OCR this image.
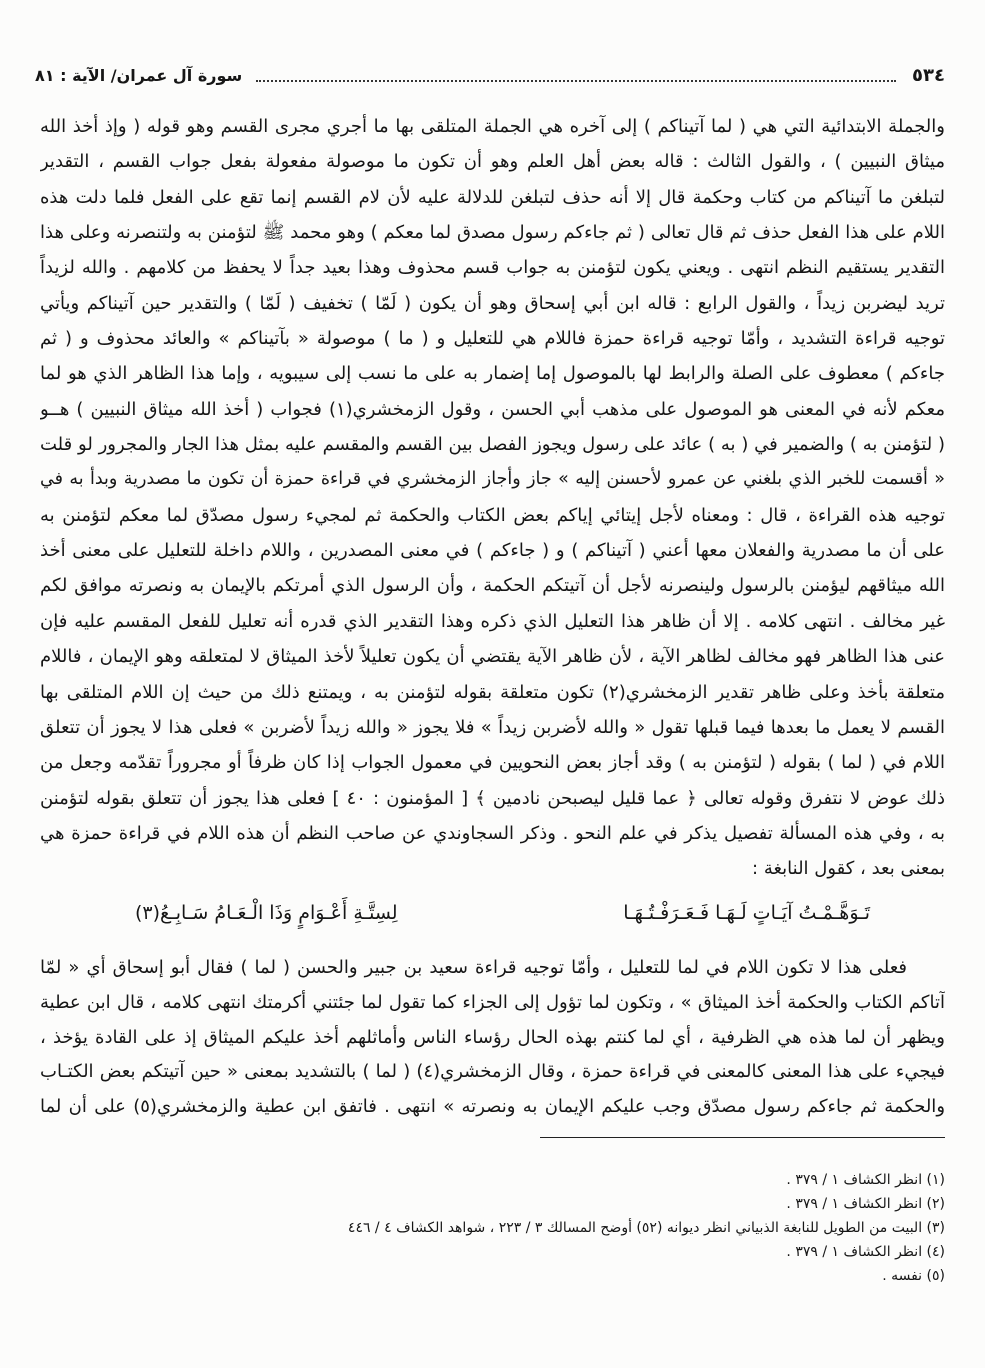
٥٣٤
سورة آل عمران/ الآية : ٨١
والجملة الابتدائية التي هي ( لما آتيناكم ) إلى آخره هي الجملة المتلقى بها ما أجري مجرى القسم وهو قوله ( وإذ أخذ الله
ميثاق النبيين ) ، والقول الثالث : قاله بعض أهل العلم وهو أن تكون ما موصولة مفعولة بفعل جواب القسم ، التقدير
لتبلغن ما آتيناكم من كتاب وحكمة قال إلا أنه حذف لتبلغن للدلالة عليه لأن لام القسم إنما تقع على الفعل فلما دلت هذه
اللام على هذا الفعل حذف ثم قال تعالى ( ثم جاءكم رسول مصدق لما معكم ) وهو محمد ﷺ لتؤمنن به ولتنصرنه وعلى هذا
التقدير يستقيم النظم انتهى . ويعني يكون لتؤمنن به جواب قسم محذوف وهذا بعيد جداً لا يحفظ من كلامهم . والله لزيداً
تريد ليضربن زيداً ، والقول الرابع : قاله ابن أبي إسحاق وهو أن يكون ( لَمّا ) تخفيف ( لَمّا ) والتقدير حين آتيناكم ويأتي
توجيه قراءة التشديد ، وأمّا توجيه قراءة حمزة فاللام هي للتعليل و ( ما ) موصولة « بآتيناكم » والعائد محذوف و ( ثم
جاءكم ) معطوف على الصلة والرابط لها بالموصول إما إضمار به على ما نسب إلى سيبويه ، وإما هذا الظاهر الذي هو لما
معكم لأنه في المعنى هو الموصول على مذهب أبي الحسن ، وقول الزمخشري(١) فجواب ( أخذ الله ميثاق النبيين ) هــو
( لتؤمنن به ) والضمير في ( به ) عائد على رسول ويجوز الفصل بين القسم والمقسم عليه بمثل هذا الجار والمجرور لو قلت
« أقسمت للخبر الذي بلغني عن عمرو لأحسنن إليه » جاز وأجاز الزمخشري في قراءة حمزة أن تكون ما مصدرية وبدأ به في
توجيه هذه القراءة ، قال : ومعناه لأجل إيتائي إياكم بعض الكتاب والحكمة ثم لمجيء رسول مصدّق لما معكم لتؤمنن به
على أن ما مصدرية والفعلان معها أعني ( آتيناكم ) و ( جاءكم ) في معنى المصدرين ، واللام داخلة للتعليل على معنى أخذ
الله ميثاقهم ليؤمنن بالرسول ولينصرنه لأجل أن آتيتكم الحكمة ، وأن الرسول الذي أمرتكم بالإيمان به ونصرته موافق لكم
غير مخالف . انتهى كلامه . إلا أن ظاهر هذا التعليل الذي ذكره وهذا التقدير الذي قدره أنه تعليل للفعل المقسم عليه فإن
عنى هذا الظاهر فهو مخالف لظاهر الآية ، لأن ظاهر الآية يقتضي أن يكون تعليلاً لأخذ الميثاق لا لمتعلقه وهو الإيمان ، فاللام
متعلقة بأخذ وعلى ظاهر تقدير الزمخشري(٢) تكون متعلقة بقوله لتؤمنن به ، ويمتنع ذلك من حيث إن اللام المتلقى بها
القسم لا يعمل ما بعدها فيما قبلها تقول « والله لأضربن زيداً » فلا يجوز « والله زيداً لأضربن » فعلى هذا لا يجوز أن تتعلق
اللام في ( لما ) بقوله ( لتؤمنن به ) وقد أجاز بعض النحويين في معمول الجواب إذا كان ظرفاً أو مجروراً تقدّمه وجعل من
ذلك عوض لا نتفرق وقوله تعالى ﴿ عما قليل ليصبحن نادمين ﴾ [ المؤمنون : ٤٠ ] فعلى هذا يجوز أن تتعلق بقوله لتؤمنن
به ، وفي هذه المسألة تفصيل يذكر في علم النحو . وذكر السجاوندي عن صاحب النظم أن هذه اللام في قراءة حمزة هي
بمعنى بعد ، كقول النابغة :
تَـوَهَّـمْـتُ آيَـاتٍ لَـهَـا فَـعَـرَفْـتُـهَـا
لِسِتَّـةِ أَعْـوَامٍ وَذَا الْـعَـامُ سَـابِـعُ(٣)
فعلى هذا لا تكون اللام في لما للتعليل ، وأمّا توجيه قراءة سعيد بن جبير والحسن ( لما ) فقال أبو إسحاق أي « لمّا
آتاكم الكتاب والحكمة أخذ الميثاق » ، وتكون لما تؤول إلى الجزاء كما تقول لما جئتني أكرمتك انتهى كلامه ، قال ابن عطية
ويظهر أن لما هذه هي الظرفية ، أي لما كنتم بهذه الحال رؤساء الناس وأماثلهم أخذ عليكم الميثاق إذ على القادة يؤخذ ،
فيجيء على هذا المعنى كالمعنى في قراءة حمزة ، وقال الزمخشري(٤) ( لما ) بالتشديد بمعنى « حين آتيتكم بعض الكتـاب
والحكمة ثم جاءكم رسول مصدّق وجب عليكم الإيمان به ونصرته » انتهى . فاتفق ابن عطية والزمخشري(٥) على أن لما
(١) انظر الكشاف ١ / ٣٧٩ .
(٢) انظر الكشاف ١ / ٣٧٩ .
(٣) البيت من الطويل للنابغة الذبياني انظر ديوانه (٥٢) أوضح المسالك ٣ / ٢٢٣ ، شواهد الكشاف ٤ / ٤٤٦
(٤) انظر الكشاف ١ / ٣٧٩ .
(٥) نفسه .
